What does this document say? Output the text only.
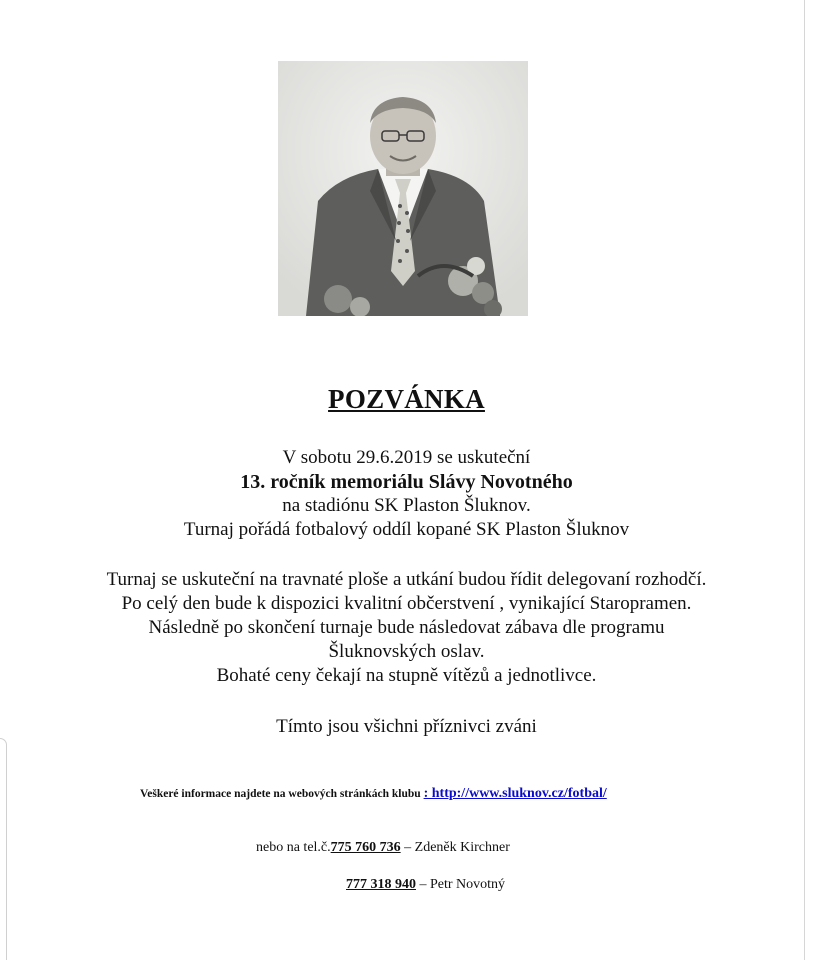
POZVÁNKA

V sobotu 29.6.2019 se uskuteční

13. ročník memoriálu Slávy Novotného

na stadiónu SK Plaston Šluknov.

Turnaj pořádá fotbalový oddíl kopané SK Plaston Šluknov

Turnaj se uskuteční na travnaté ploše a utkání budou řídit delegovaní rozhodčí.

Po celý den bude k dispozici kvalitní občerstvení , vynikající Staropramen.

Následně po skončení turnaje bude následovat zábava dle programu

Šluknovských oslav.

Bohaté ceny čekají na stupně vítězů a jednotlivce.

Tímto jsou všichni příznivci zváni
Veškeré informace najdete na webových stránkách klubu : http://www.sluknov.cz/fotbal/
nebo na tel.č.775 760 736 – Zdeněk Kirchner
777 318 940 – Petr Novotný
